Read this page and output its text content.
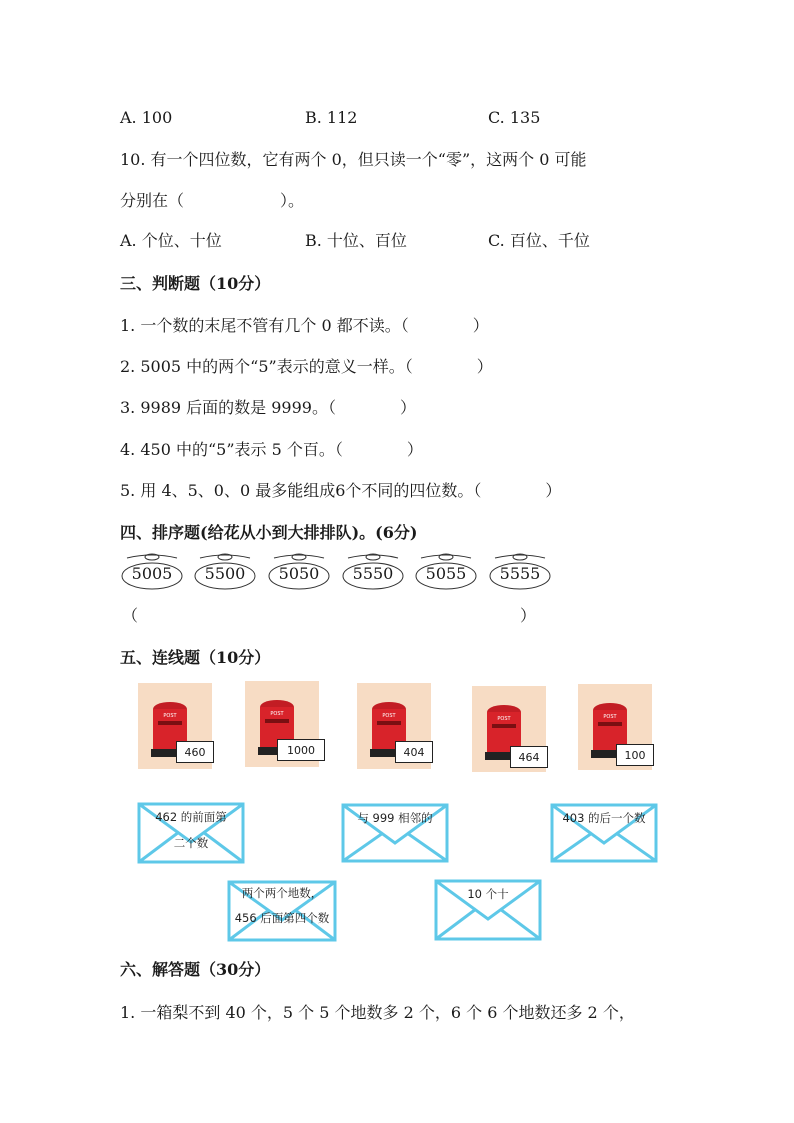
A. 100	B. 112	C. 135
10. 有一个四位数，它有两个 0，但只读一个“零”，这两个 0 可能
分别在（　　　　　　）。
A. 个位、十位	B. 十位、百位	C. 百位、千位
三、判断题（10分）
1. 一个数的末尾不管有几个 0 都不读。（　　　　）
2. 5005 中的两个“5”表示的意义一样。（　　　　）
3. 9989 后面的数是 9999。（　　　　）
4. 450 中的“5”表示 5 个百。（　　　　）
5. 用 4、5、0、0 最多能组成6个不同的四位数。（　　　　）
四、排序题(给花从小到大排排队)。(6分)
5005	5500	5050	5550	5055	5555
（	）
五、连线题（10分）
POST
460
POST
1000
POST
404
POST
464
POST
100
462 的前面第
二个数
与 999 相邻的	403 的后一个数
两个两个地数，
456 后面第四个数
10 个十
六、解答题（30分）
1. 一箱梨不到 40 个，5 个 5 个地数多 2 个，6 个 6 个地数还多 2 个，
